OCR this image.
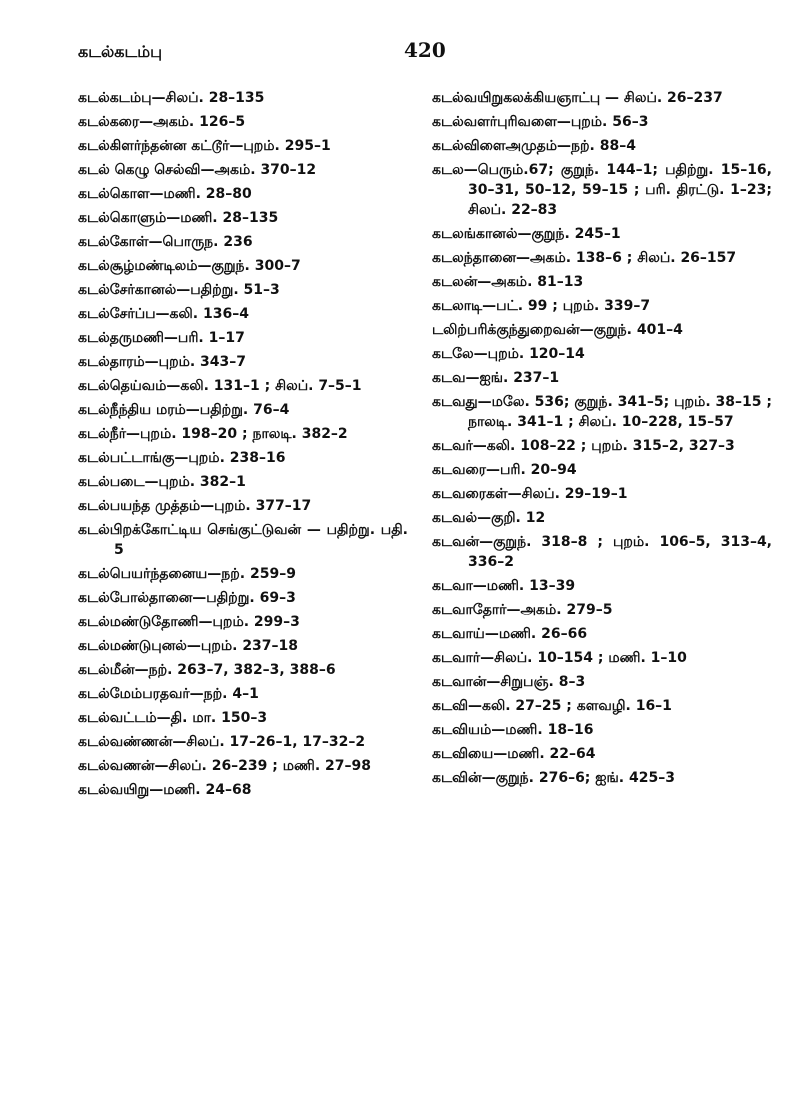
கடல்கடம்பு	420

கடல்கடம்பு—சிலப். 28–135

கடல்கரை—அகம். 126–5

கடல்கிளர்ந்தன்ன கட்டூர்—புறம். 295–1

கடல் கெழு செல்வி—அகம். 370–12

கடல்கொள—மணி. 28–80

கடல்கொளும்—மணி. 28–135

கடல்கோள்—பொருந. 236

கடல்சூழ்மண்டிலம்—குறுந். 300–7

கடல்சேர்கானல்—பதிற்று. 51–3

கடல்சேர்ப்ப—கலி. 136–4

கடல்தருமணி—பரி. 1–17

கடல்தாரம்—புறம். 343–7

கடல்தெய்வம்—கலி. 131–1 ; சிலப். 7–5–1

கடல்நீந்திய மரம்—பதிற்று. 76–4

கடல்நீர்—புறம். 198–20 ; நாலடி. 382–2

கடல்பட்டாங்கு—புறம். 238–16

கடல்படை—புறம். 382–1

கடல்பயந்த முத்தம்—புறம். 377–17

கடல்பிறக்கோட்டிய செங்குட்டுவன் — பதிற்று. பதி. 5

கடல்பெயர்ந்தனைய—நற். 259–9

கடல்போல்தானை—பதிற்று. 69–3

கடல்மண்டுதோணி—புறம். 299–3

கடல்மண்டுபுனல்—புறம். 237–18

கடல்மீன்—நற். 263–7, 382–3, 388–6

கடல்மேம்பரதவர்—நற். 4–1

கடல்வட்டம்—தி. மா. 150–3

கடல்வண்ணன்—சிலப். 17–26–1, 17–32–2

கடல்வணன்—சிலப். 26–239 ; மணி. 27–98

கடல்வயிறு—மணி. 24–68

கடல்வயிறுகலக்கியஞாட்பு — சிலப். 26–237

கடல்வளர்புரிவளை—புறம். 56–3

கடல்விளைஅமுதம்—நற். 88–4

கடல—பெரும்.67; குறுந். 144–1; பதிற்று. 15–16, 30–31, 50–12, 59–15 ; பரி. திரட்டு. 1–23; சிலப். 22–83

கடலங்கானல்—குறுந். 245–1

கடலந்தானை—அகம். 138–6 ; சிலப். 26–157

கடலன்—அகம். 81–13

கடலாடி—பட். 99 ; புறம். 339–7

டலிற்பரிக்குந்துறைவன்—குறுந். 401–4

கடலே—புறம். 120–14

கடவ—ஐங். 237–1

கடவது—மலே. 536; குறுந். 341–5; புறம். 38–15 ; நாலடி. 341–1 ; சிலப். 10–228, 15–57

கடவர்—கலி. 108–22 ; புறம். 315–2, 327–3

கடவரை—பரி. 20–94

கடவரைகள்—சிலப். 29–19–1

கடவல்—குறி. 12

கடவன்—குறுந். 318–8 ; புறம். 106–5, 313–4, 336–2

கடவா—மணி. 13–39

கடவாதோர்—அகம். 279–5

கடவாய்—மணி. 26–66

கடவார்—சிலப். 10–154 ; மணி. 1–10

கடவான்—சிறுபஞ். 8–3

கடவி—கலி. 27–25 ; களவழி. 16–1

கடவியம்—மணி. 18–16

கடவியை—மணி. 22–64

கடவின்—குறுந். 276–6; ஐங். 425–3
